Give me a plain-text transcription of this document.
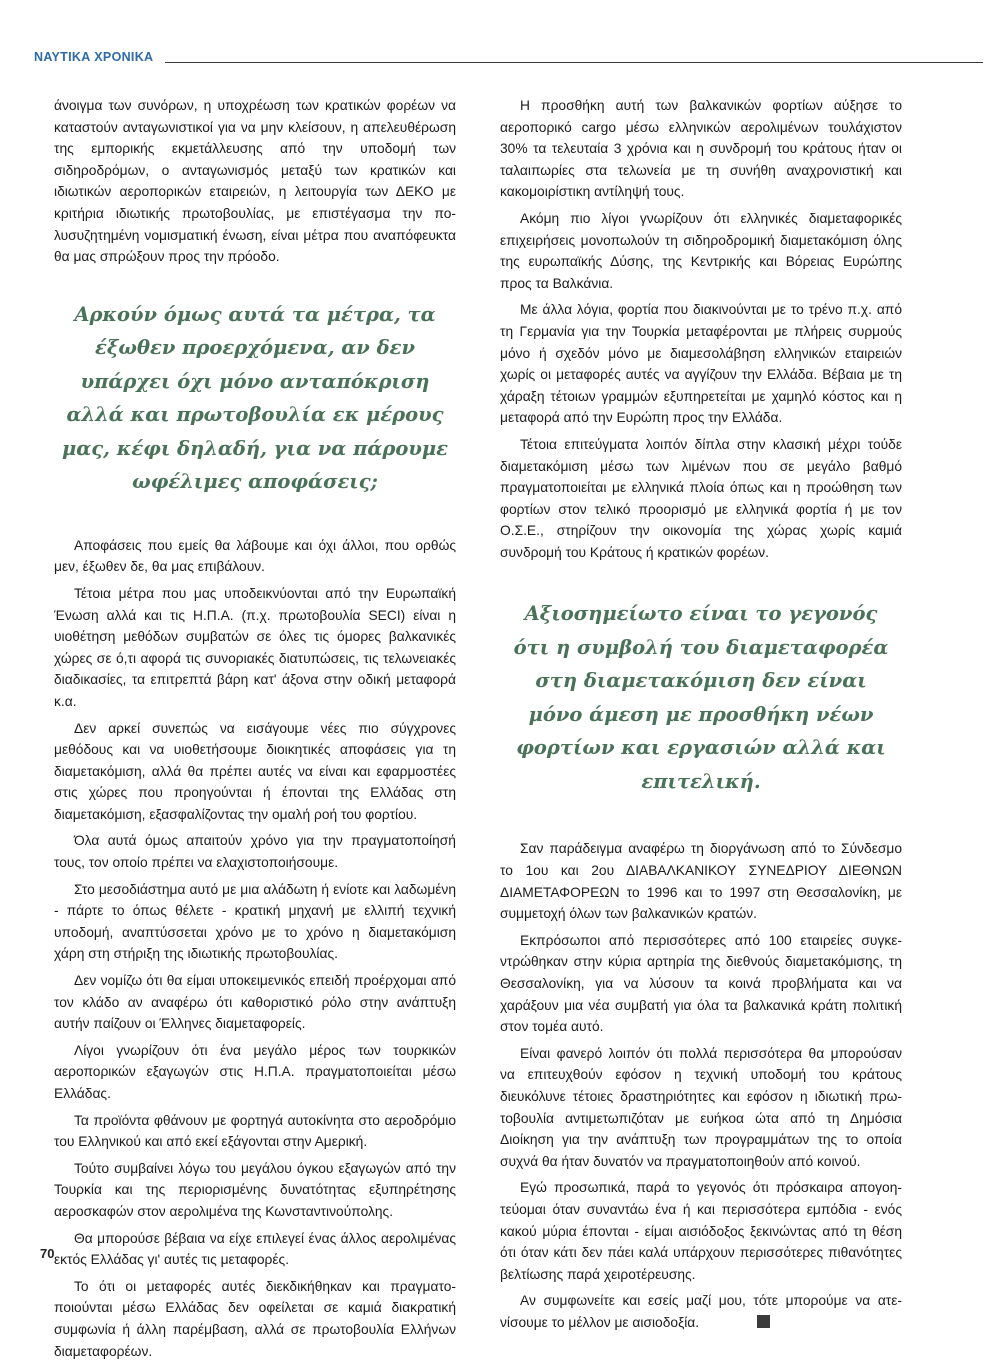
ΝΑΥΤΙΚΑ ΧΡΟΝΙΚΑ

άνοιγμα των συνόρων, η υποχρέωση των κρατικών φορέων να καταστούν ανταγωνιστικοί για να μην κλείσουν, η απελευθέρωση της εμπορικής εκμετάλλευσης από την υποδομή των σιδηροδρόμων, ο ανταγωνισμός μεταξύ των κρατικών και ιδιωτικών αεροπορικών εταιρειών, η λειτουργία των ΔΕΚΟ με κριτήρια ιδιωτικής πρωτοβουλίας, με επιστέγασμα την πολυσυζητημένη νομισματική ένωση, είναι μέτρα που αναπόφευκτα θα μας σπρώξουν προς την πρόοδο.

Αρκούν όμως αυτά τα μέτρα, τα έξωθεν προερχόμενα, αν δεν υπάρχει όχι μόνο ανταπόκριση αλλά και πρωτοβουλία εκ μέρους μας, κέφι δηλαδή, για να πάρουμε ωφέλιμες αποφάσεις;

Αποφάσεις που εμείς θα λάβουμε και όχι άλλοι, που ορθώς μεν, έξωθεν δε, θα μας επιβάλουν.

Τέτοια μέτρα που μας υποδεικνύονται από την Ευρωπαϊκή Ένωση αλλά και τις Η.Π.Α. (π.χ. πρωτοβουλία SECI) είναι η υιοθέτηση μεθόδων συμβατών σε όλες τις όμορες βαλκανικές χώρες σε ό,τι αφορά τις συνοριακές διατυπώσεις, τις τελωνειακές διαδικασίες, τα επιτρεπτά βάρη κατ' άξονα στην οδική μεταφορά κ.α.

Δεν αρκεί συνεπώς να εισάγουμε νέες πιο σύγχρονες μεθόδους και να υιοθετήσουμε διοικητικές αποφάσεις για τη διαμετακόμιση, αλλά θα πρέπει αυτές να είναι και εφαρμοστέες στις χώρες που προηγούνται ή έπονται της Ελλάδας στη διαμετακόμιση, εξασφαλίζοντας την ομαλή ροή του φορτίου.

Όλα αυτά όμως απαιτούν χρόνο για την πραγματοποίησή τους, τον οποίο πρέπει να ελαχιστοποιήσουμε.

Στο μεσοδιάστημα αυτό με μια αλάδωτη ή ενίοτε και λαδωμένη - πάρτε το όπως θέλετε - κρατική μηχανή με ελλιπή τεχνική υποδομή, αναπτύσσεται χρόνο με το χρόνο η διαμετακόμιση χάρη στη στήριξη της ιδιωτικής πρωτοβουλίας.

Δεν νομίζω ότι θα είμαι υποκειμενικός επειδή προέρχομαι από τον κλάδο αν αναφέρω ότι καθοριστικό ρόλο στην ανάπτυξη αυτήν παίζουν οι Έλληνες διαμεταφορείς.

Λίγοι γνωρίζουν ότι ένα μεγάλο μέρος των τουρκικών αεροπορικών εξαγωγών στις Η.Π.Α. πραγματοποιείται μέσω Ελλάδας.

Τα προϊόντα φθάνουν με φορτηγά αυτοκίνητα στο αεροδρόμιο του Ελληνικού και από εκεί εξάγονται στην Αμερική.

Τούτο συμβαίνει λόγω του μεγάλου όγκου εξαγωγών από την Τουρκία και της περιορισμένης δυνατότητας εξυπηρέτησης αεροσκαφών στον αερολιμένα της Κωνσταντινούπολης.

Θα μπορούσε βέβαια να είχε επιλεγεί ένας άλλος αερολιμένας εκτός Ελλάδας γι' αυτές τις μεταφορές.

Το ότι οι μεταφορές αυτές διεκδικήθηκαν και πραγματοποιούνται μέσω Ελλάδας δεν οφείλεται σε καμιά διακρατική συμφωνία ή άλλη παρέμβαση, αλλά σε πρωτοβουλία Ελλήνων διαμεταφορέων.

Η προσθήκη αυτή των βαλκανικών φορτίων αύξησε το αεροπορικό cargo μέσω ελληνικών αερολιμένων τουλάχιστον 30% τα τελευταία 3 χρόνια και η συνδρομή του κράτους ήταν οι ταλαιπωρίες στα τελωνεία με τη συνήθη αναχρονιστική και κακομοιρίστικη αντίληψή τους.

Ακόμη πιο λίγοι γνωρίζουν ότι ελληνικές διαμεταφορικές επιχειρήσεις μονοπωλούν τη σιδηροδρομική διαμετακόμιση όλης της ευρωπαϊκής Δύσης, της Κεντρικής και Βόρειας Ευρώπης προς τα Βαλκάνια.

Με άλλα λόγια, φορτία που διακινούνται με το τρένο π.χ. από τη Γερμανία για την Τουρκία μεταφέρονται με πλήρεις συρμούς μόνο ή σχεδόν μόνο με διαμεσολάβηση ελληνικών εταιρειών χωρίς οι μεταφορές αυτές να αγγίζουν την Ελλάδα. Βέβαια με τη χάραξη τέτοιων γραμμών εξυπηρετείται με χαμηλό κόστος και η μεταφορά από την Ευρώπη προς την Ελλάδα.

Τέτοια επιτεύγματα λοιπόν δίπλα στην κλασική μέχρι τούδε διαμετακόμιση μέσω των λιμένων που σε μεγάλο βαθμό πραγματοποιείται με ελληνικά πλοία όπως και η προώθηση των φορτίων στον τελικό προορισμό με ελληνικά φορτία ή με τον Ο.Σ.Ε., στηρίζουν την οικονομία της χώρας χωρίς καμιά συνδρομή του Κράτους ή κρατικών φορέων.

Αξιοσημείωτο είναι το γεγονός ότι η συμβολή του διαμεταφορέα στη διαμετακόμιση δεν είναι μόνο άμεση με προσθήκη νέων φορτίων και εργασιών αλλά και επιτελική.

Σαν παράδειγμα αναφέρω τη διοργάνωση από το Σύνδεσμο το 1ου και 2ου ΔΙΑΒΑΛΚΑΝΙΚΟΥ ΣΥΝΕΔΡΙΟΥ ΔΙΕΘΝΩΝ ΔΙΑΜΕΤΑΦΟΡΕΩΝ το 1996 και το 1997 στη Θεσσαλονίκη, με συμμετοχή όλων των βαλκανικών κρατών.

Εκπρόσωποι από περισσότερες από 100 εταιρείες συγκεντρώθηκαν στην κύρια αρτηρία της διεθνούς διαμετακόμισης, τη Θεσσαλονίκη, για να λύσουν τα κοινά προβλήματα και να χαράξουν μια νέα συμβατή για όλα τα βαλκανικά κράτη πολιτική στον τομέα αυτό.

Είναι φανερό λοιπόν ότι πολλά περισσότερα θα μπορούσαν να επιτευχθούν εφόσον η τεχνική υποδομή του κράτους διευκόλυνε τέτοιες δραστηριότητες και εφόσον η ιδιωτική πρωτοβουλία αντιμετωπιζόταν με ευήκοα ώτα από τη Δημόσια Διοίκηση για την ανάπτυξη των προγραμμάτων της το οποία συχνά θα ήταν δυνατόν να πραγματοποιηθούν από κοινού.

Εγώ προσωπικά, παρά το γεγονός ότι πρόσκαιρα απογοητεύομαι όταν συναντάω ένα ή και περισσότερα εμπόδια - ενός κακού μύρια έπονται - είμαι αισιόδοξος ξεκινώντας από τη θέση ότι όταν κάτι δεν πάει καλά υπάρχουν περισσότερες πιθανότητες βελτίωσης παρά χειροτέρευσης.

Αν συμφωνείτε και εσείς μαζί μου, τότε μπορούμε να ατενίσουμε το μέλλον με αισιοδοξία.

70
